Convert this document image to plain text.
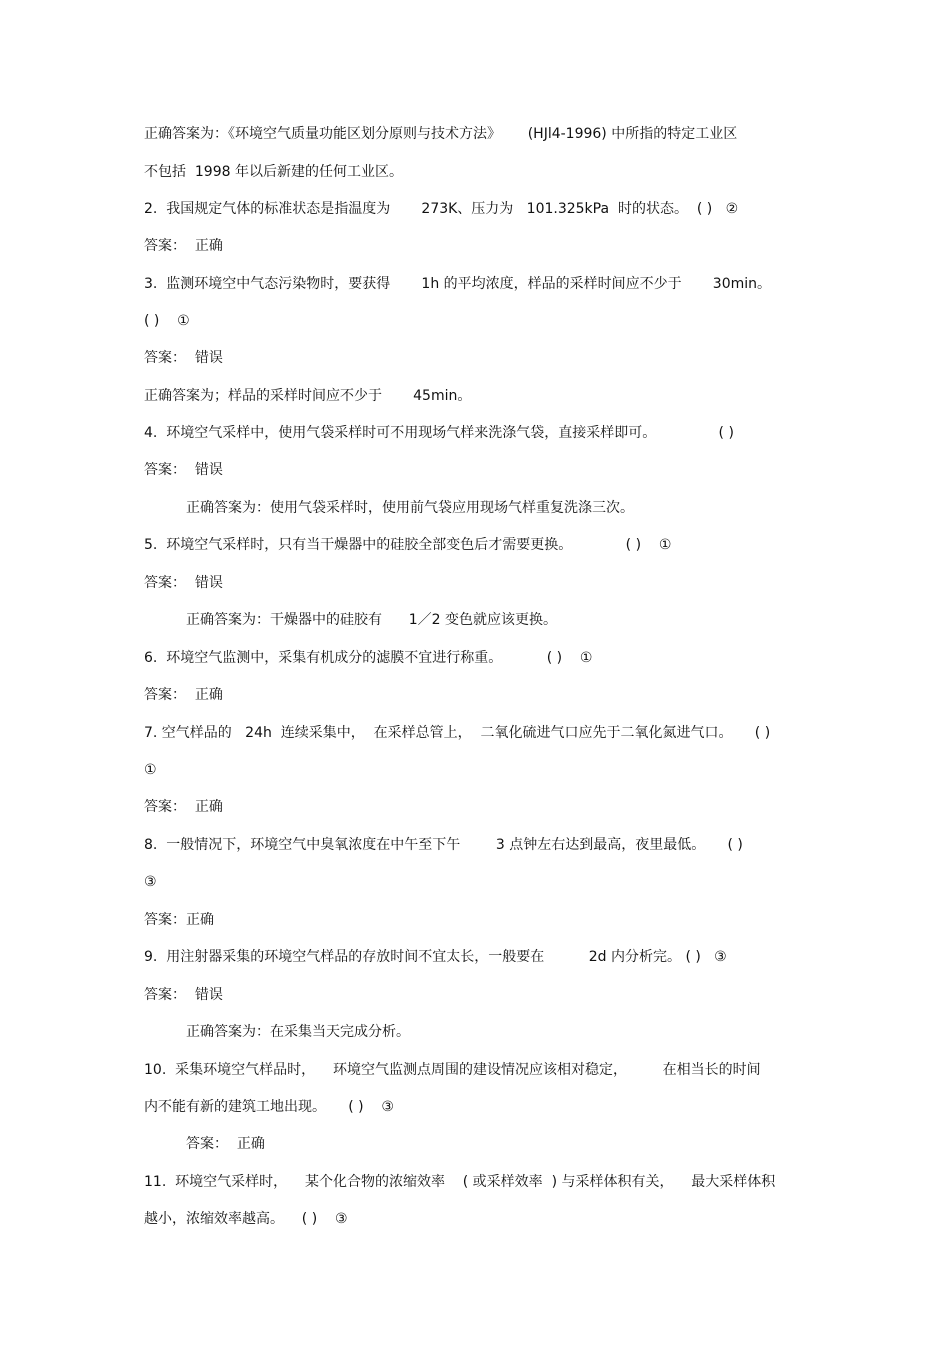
正确答案为：《环境空气质量功能区划分原则与技术方法》      (HJl4-1996) 中所指的特定工业区
不包括  1998 年以后新建的任何工业区。
2.  我国规定气体的标准状态是指温度为       273K、压力为   101.325kPa  时的状态。  ( )   ②
答案：  正确
3.  监测环境空中气态污染物时，要获得       1h 的平均浓度，样品的采样时间应不少于       30min。
( )    ①
答案：  错误
正确答案为；样品的采样时间应不少于       45min。
4.  环境空气采样中，使用气袋采样时可不用现场气样来洗涤气袋，直接采样即可。              ( )
答案：  错误
正确答案为：使用气袋采样时，使用前气袋应用现场气样重复洗涤三次。
5.  环境空气采样时，只有当干燥器中的硅胶全部变色后才需要更换。            ( )    ①
答案：  错误
正确答案为：干燥器中的硅胶有      1／2 变色就应该更换。
6.  环境空气监测中，采集有机成分的滤膜不宜进行称重。          ( )    ①
答案：  正确
7. 空气样品的   24h  连续采集中，  在采样总管上，  二氧化硫进气口应先于二氧化氮进气口。     ( )
①
答案：  正确
8.  一般情况下，环境空气中臭氧浓度在中午至下午        3 点钟左右达到最高，夜里最低。     ( )
③
答案：正确
9.  用注射器采集的环境空气样品的存放时间不宜太长，一般要在          2d 内分析完。 ( )   ③
答案：  错误
正确答案为：在采集当天完成分析。
10.  采集环境空气样品时，    环境空气监测点周围的建设情况应该相对稳定，        在相当长的时间
内不能有新的建筑工地出现。     ( )    ③
答案：  正确
11.  环境空气采样时，    某个化合物的浓缩效率    ( 或采样效率  ) 与采样体积有关，    最大采样体积
越小，浓缩效率越高。    ( )    ③
